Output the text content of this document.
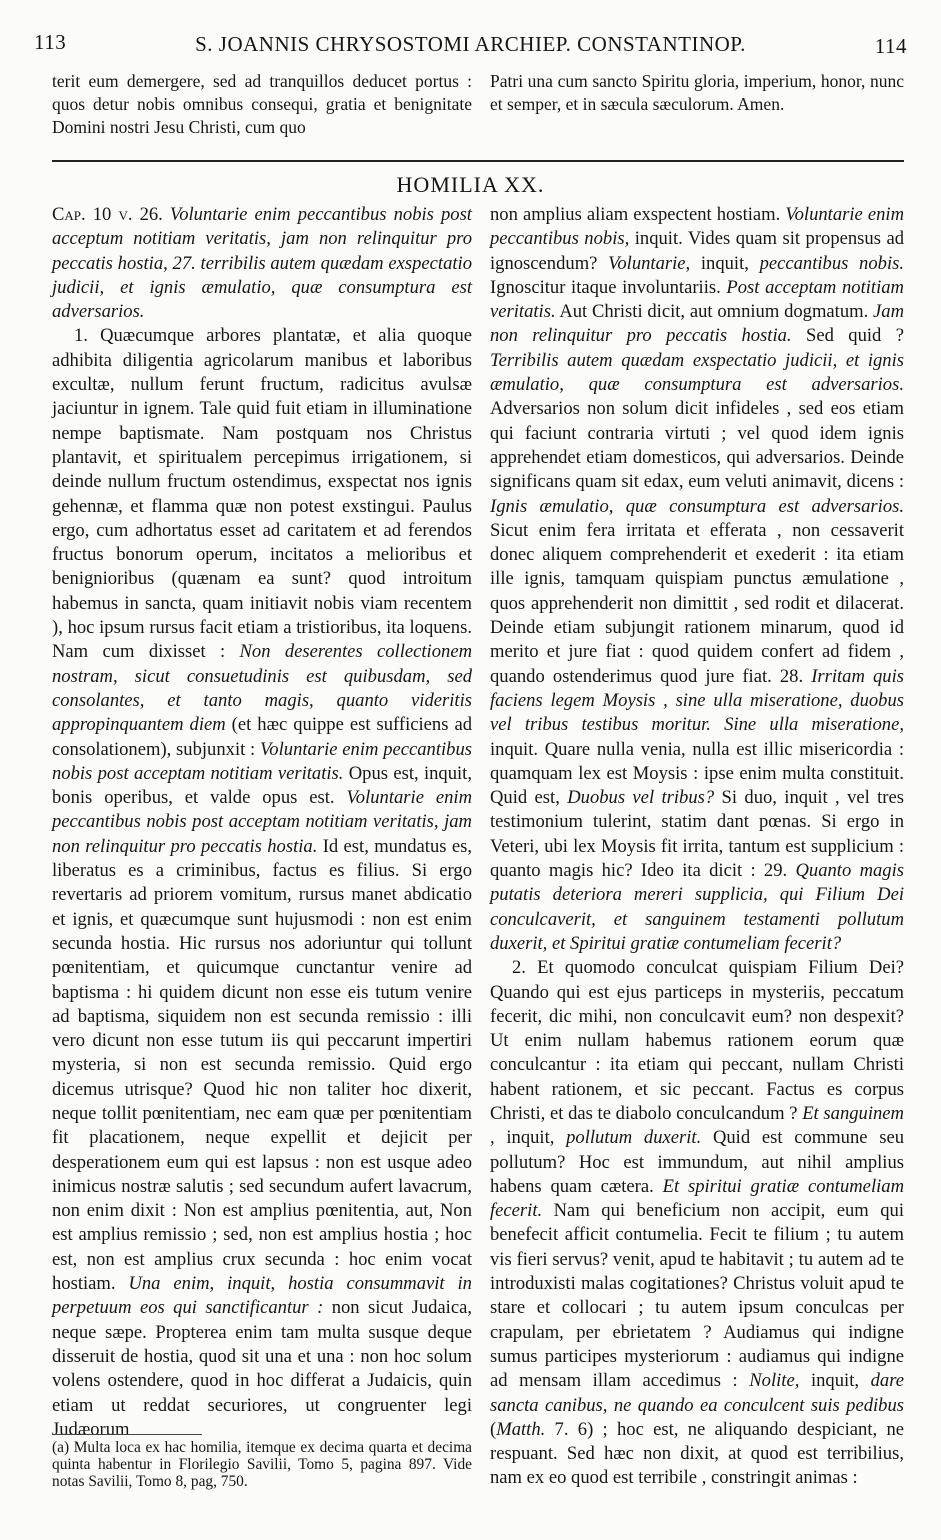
113	S. JOANNIS CHRYSOSTOMI ARCHIEP. CONSTANTINOP.	114

terit eum demergere, sed ad tranquillos deducet portus : quos detur nobis omnibus consequi, gratia et benignitate Domini nostri Jesu Christi, cum quo

Patri una cum sancto Spiritu gloria, imperium, honor, nunc et semper, et in sæcula sæculorum. Amen.

HOMILIA XX.

Cap. 10 v. 26. Voluntarie enim peccantibus nobis post acceptum notitiam veritatis, jam non relinquitur pro peccatis hostia, 27. terribilis autem quædam exspectatio judicii, et ignis æmulatio, quæ consumptura est adversarios.

1. Quæcumque arbores plantatæ, et alia quoque adhibita diligentia agricolarum manibus et laboribus excultæ, nullum ferunt fructum, radicitus avulsæ jaciuntur in ignem. Tale quid fuit etiam in illuminatione nempe baptismate. Nam postquam nos Christus plantavit, et spiritualem percepimus irrigationem, si deinde nullum fructum ostendimus, exspectat nos ignis gehennæ, et flamma quæ non potest exstingui. Paulus ergo, cum adhortatus esset ad caritatem et ad ferendos fructus bonorum operum, incitatos a melioribus et benignioribus (quænam ea sunt? quod introitum habemus in sancta, quam initiavit nobis viam recentem ), hoc ipsum rursus facit etiam a tristioribus, ita loquens. Nam cum dixisset : Non deserentes collectionem nostram, sicut consuetudinis est quibusdam, sed consolantes, et tanto magis, quanto videritis appropinquantem diem (et hæc quippe est sufficiens ad consolationem), subjunxit : Voluntarie enim peccantibus nobis post acceptam notitiam veritatis. Opus est, inquit, bonis operibus, et valde opus est. Voluntarie enim peccantibus nobis post acceptam notitiam veritatis, jam non relinquitur pro peccatis hostia. Id est, mundatus es, liberatus es a criminibus, factus es filius. Si ergo revertaris ad priorem vomitum, rursus manet abdicatio et ignis, et quæcumque sunt hujusmodi : non est enim secunda hostia. Hic rursus nos adoriuntur qui tollunt pœnitentiam, et quicumque cunctantur venire ad baptisma : hi quidem dicunt non esse eis tutum venire ad baptisma, siquidem non est secunda remissio : illi vero dicunt non esse tutum iis qui peccarunt impertiri mysteria, si non est secunda remissio. Quid ergo dicemus utrisque? Quod hic non taliter hoc dixerit, neque tollit pœnitentiam, nec eam quæ per pœnitentiam fit placationem, neque expellit et dejicit per desperationem eum qui est lapsus : non est usque adeo inimicus nostræ salutis ; sed secundum aufert lavacrum, non enim dixit : Non est amplius pœnitentia, aut, Non est amplius remissio ; sed, non est amplius hostia ; hoc est, non est amplius crux secunda : hoc enim vocat hostiam. Una enim, inquit, hostia consummavit in perpetuum eos qui sanctificantur : non sicut Judaica, neque sæpe. Propterea enim tam multa susque deque disseruit de hostia, quod sit una et una : non hoc solum volens ostendere, quod in hoc differat a Judaicis, quin etiam ut reddat securiores, ut congruenter legi Judæorum

non amplius aliam exspectent hostiam. Voluntarie enim peccantibus nobis, inquit. Vides quam sit propensus ad ignoscendum? Voluntarie, inquit, peccantibus nobis. Ignoscitur itaque involuntariis. Post acceptam notitiam veritatis. Aut Christi dicit, aut omnium dogmatum. Jam non relinquitur pro peccatis hostia. Sed quid ? Terribilis autem quædam exspectatio judicii, et ignis æmulatio, quæ consumptura est adversarios. Adversarios non solum dicit infideles , sed eos etiam qui faciunt contraria virtuti ; vel quod idem ignis apprehendet etiam domesticos, qui adversarios. Deinde significans quam sit edax, eum veluti animavit, dicens : Ignis æmulatio, quæ consumptura est adversarios. Sicut enim fera irritata et efferata , non cessaverit donec aliquem comprehenderit et exederit : ita etiam ille ignis, tamquam quispiam punctus æmulatione , quos apprehenderit non dimittit , sed rodit et dilacerat. Deinde etiam subjungit rationem minarum, quod id merito et jure fiat : quod quidem confert ad fidem , quando ostenderimus quod jure fiat. 28. Irritam quis faciens legem Moysis , sine ulla miseratione, duobus vel tribus testibus moritur. Sine ulla miseratione, inquit. Quare nulla venia, nulla est illic misericordia : quamquam lex est Moysis : ipse enim multa constituit. Quid est, Duobus vel tribus? Si duo, inquit , vel tres testimonium tulerint, statim dant pœnas. Si ergo in Veteri, ubi lex Moysis fit irrita, tantum est supplicium : quanto magis hic? Ideo ita dicit : 29. Quanto magis putatis deteriora mereri supplicia, qui Filium Dei conculcaverit, et sanguinem testamenti pollutum duxerit, et Spiritui gratiæ contumeliam fecerit?

2. Et quomodo conculcat quispiam Filium Dei? Quando qui est ejus particeps in mysteriis, peccatum fecerit, dic mihi, non conculcavit eum? non despexit? Ut enim nullam habemus rationem eorum quæ conculcantur : ita etiam qui peccant, nullam Christi habent rationem, et sic peccant. Factus es corpus Christi, et das te diabolo conculcandum ? Et sanguinem , inquit, pollutum duxerit. Quid est commune seu pollutum? Hoc est immundum, aut nihil amplius habens quam cætera. Et spiritui gratiæ contumeliam fecerit. Nam qui beneficium non accipit, eum qui benefecit afficit contumelia. Fecit te filium ; tu autem vis fieri servus? venit, apud te habitavit ; tu autem ad te introduxisti malas cogitationes? Christus voluit apud te stare et collocari ; tu autem ipsum conculcas per crapulam, per ebrietatem ? Audiamus qui indigne sumus participes mysteriorum : audiamus qui indigne ad mensam illam accedimus : Nolite, inquit, dare sancta canibus, ne quando ea conculcent suis pedibus (Matth. 7. 6) ; hoc est, ne aliquando despiciant, ne respuant. Sed hæc non dixit, at quod est terribilius, nam ex eo quod est terribile , constringit animas :

(a) Multa loca ex hac homilia, itemque ex decima quarta et decima quinta habentur in Florilegio Savilii, Tomo 5, pagina 897. Vide notas Savilii, Tomo 8, pag, 750.
